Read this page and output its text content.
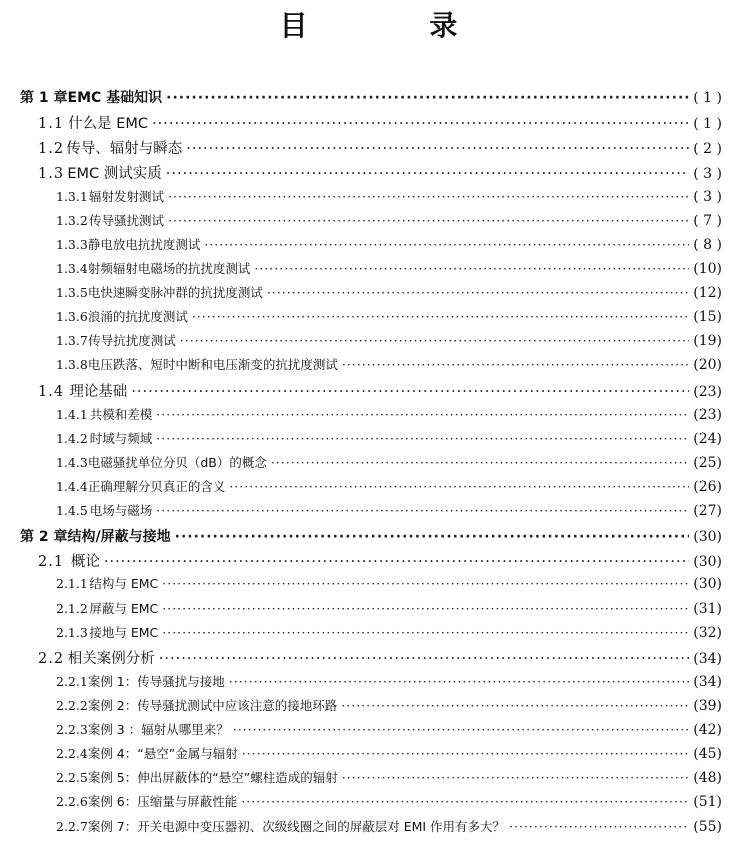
目 录
第 1 章 EMC 基础知识 ·····	( 1 )
1.1 什么是 EMC ·····	( 1 )
1.2 传导、辐射与瞬态 ·····	( 2 )
1.3 EMC 测试实质 ·····	( 3 )
1.3.1 辐射发射测试 ·····	( 3 )
1.3.2 传导骚扰测试 ·····	( 7 )
1.3.3 静电放电抗扰度测试 ·····	( 8 )
1.3.4 射频辐射电磁场的抗扰度测试 ·····	(10)
1.3.5 电快速瞬变脉冲群的抗扰度测试 ·····	(12)
1.3.6 浪涌的抗扰度测试 ·····	(15)
1.3.7 传导抗扰度测试 ·····	(19)
1.3.8 电压跌落、短时中断和电压渐变的抗扰度测试 ·····	(20)
1.4 理论基础 ·····	(23)
1.4.1 共模和差模 ·····	(23)
1.4.2 时域与频域 ·····	(24)
1.4.3 电磁骚扰单位分贝（dB）的概念 ·····	(25)
1.4.4 正确理解分贝真正的含义 ·····	(26)
1.4.5 电场与磁场 ·····	(27)
第 2 章 结构/屏蔽与接地 ·····	(30)
2.1 概论 ·····	(30)
2.1.1 结构与 EMC ·····	(30)
2.1.2 屏蔽与 EMC ·····	(31)
2.1.3 接地与 EMC ·····	(32)
2.2 相关案例分析 ·····	(34)
2.2.1 案例 1：传导骚扰与接地 ·····	(34)
2.2.2 案例 2：传导骚扰测试中应该注意的接地环路 ·····	(39)
2.2.3 案例 3 ：辐射从哪里来？ ·····	(42)
2.2.4 案例 4：“悬空”金属与辐射 ·····	(45)
2.2.5 案例 5：伸出屏蔽体的“悬空”螺柱造成的辐射 ·····	(48)
2.2.6 案例 6：压缩量与屏蔽性能 ·····	(51)
2.2.7 案例 7：开关电源中变压器初、次级线圈之间的屏蔽层对 EMI 作用有多大？ ·····	(55)
